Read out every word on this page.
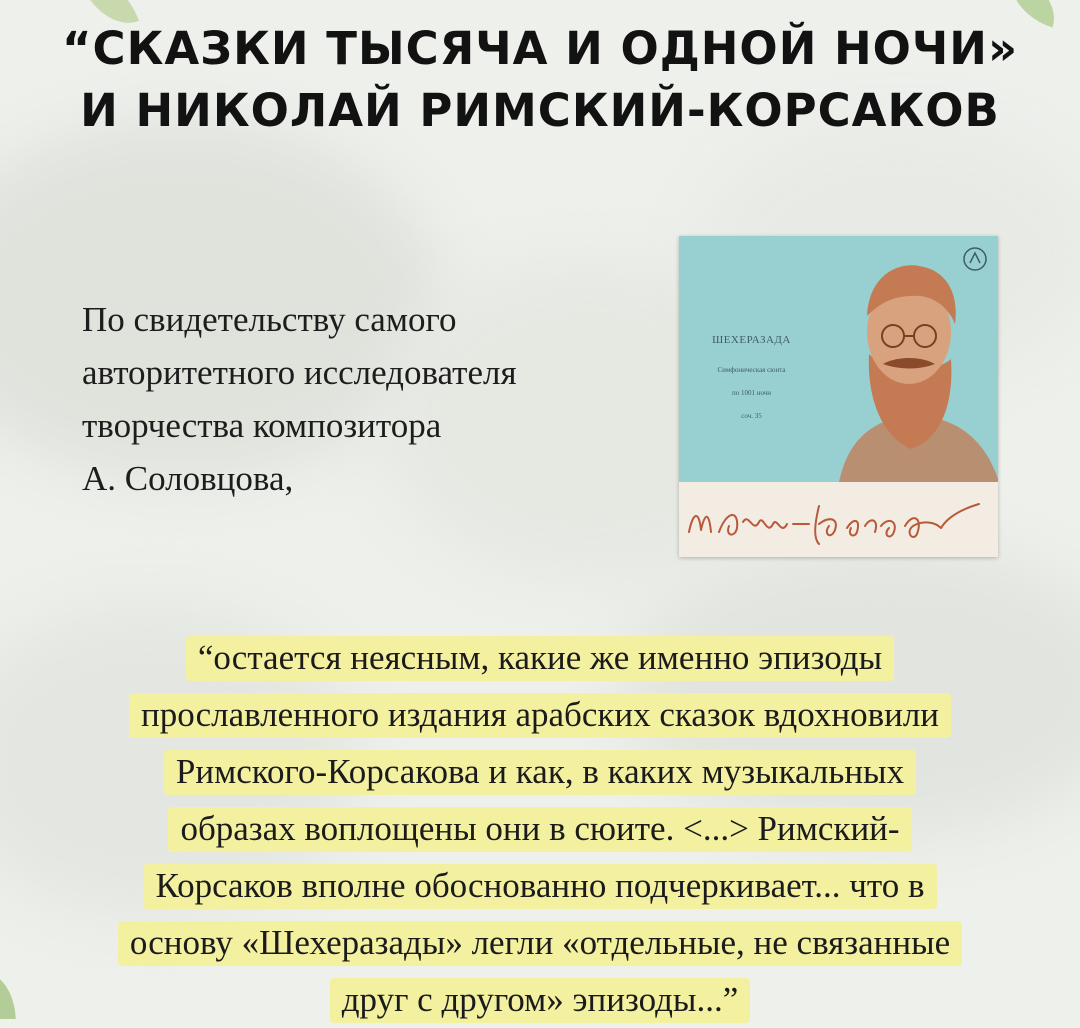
“СКАЗКИ ТЫСЯЧА И ОДНОЙ НОЧИ»
И НИКОЛАЙ РИМСКИЙ-КОРСАКОВ
По свидетельству самого
авторитетного исследователя
творчества композитора
А. Соловцова,
ШЕХЕРАЗАДА
Симфоническая сюита
по 1001 ночи
соч. 35
“остается неясным, какие же именно эпизоды
прославленного издания арабских сказок вдохновили
Римского-Корсакова и как, в каких музыкальных
образах воплощены они в сюите. <...> Римский-
Корсаков вполне обоснованно подчеркивает... что в
основу «Шехеразады» легли «отдельные, не связанные
друг с другом» эпизоды...”
